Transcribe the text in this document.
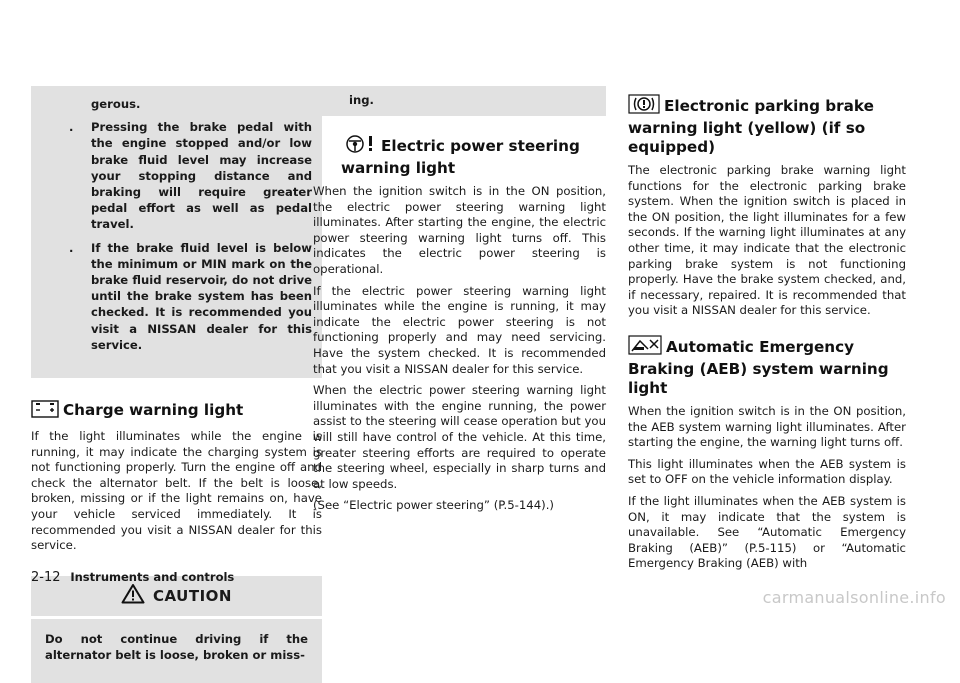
gerous.
. Pressing the brake pedal with the engine stopped and/or low brake fluid level may increase your stopping distance and braking will require greater pedal effort as well as pedal travel.
. If the brake fluid level is below the minimum or MIN mark on the brake fluid reservoir, do not drive until the brake system has been checked. It is recommended you visit a NISSAN dealer for this service.
Charge warning light

If the light illuminates while the engine is running, it may indicate the charging system is not functioning properly. Turn the engine off and check the alternator belt. If the belt is loose, broken, missing or if the light remains on, have your vehicle serviced immediately. It is recommended you visit a NISSAN dealer for this service.

CAUTION
Do not continue driving if the alternator belt is loose, broken or miss-
ing.
Electric power steering warning light

When the ignition switch is in the ON position, the electric power steering warning light illuminates. After starting the engine, the electric power steering warning light turns off. This indicates the electric power steering is operational.

If the electric power steering warning light illuminates while the engine is running, it may indicate the electric power steering is not functioning properly and may need servicing. Have the system checked. It is recommended that you visit a NISSAN dealer for this service.

When the electric power steering warning light illuminates with the engine running, the power assist to the steering will cease operation but you will still have control of the vehicle. At this time, greater steering efforts are required to operate the steering wheel, especially in sharp turns and at low speeds.

(See “Electric power steering” (P.5-144).)

Electronic parking brake warning light (yellow) (if so equipped)

The electronic parking brake warning light functions for the electronic parking brake system. When the ignition switch is placed in the ON position, the light illuminates for a few seconds. If the warning light illuminates at any other time, it may indicate that the electronic parking brake system is not functioning properly. Have the brake system checked, and, if necessary, repaired. It is recommended that you visit a NISSAN dealer for this service.

Automatic Emergency Braking (AEB) system warning light

When the ignition switch is in the ON position, the AEB system warning light illuminates. After starting the engine, the warning light turns off.

This light illuminates when the AEB system is set to OFF on the vehicle information display.

If the light illuminates when the AEB system is ON, it may indicate that the system is unavailable. See “Automatic Emergency Braking (AEB)” (P.5-115) or “Automatic Emergency Braking (AEB) with

2-12 Instruments and controls
carmanualsonline.info
